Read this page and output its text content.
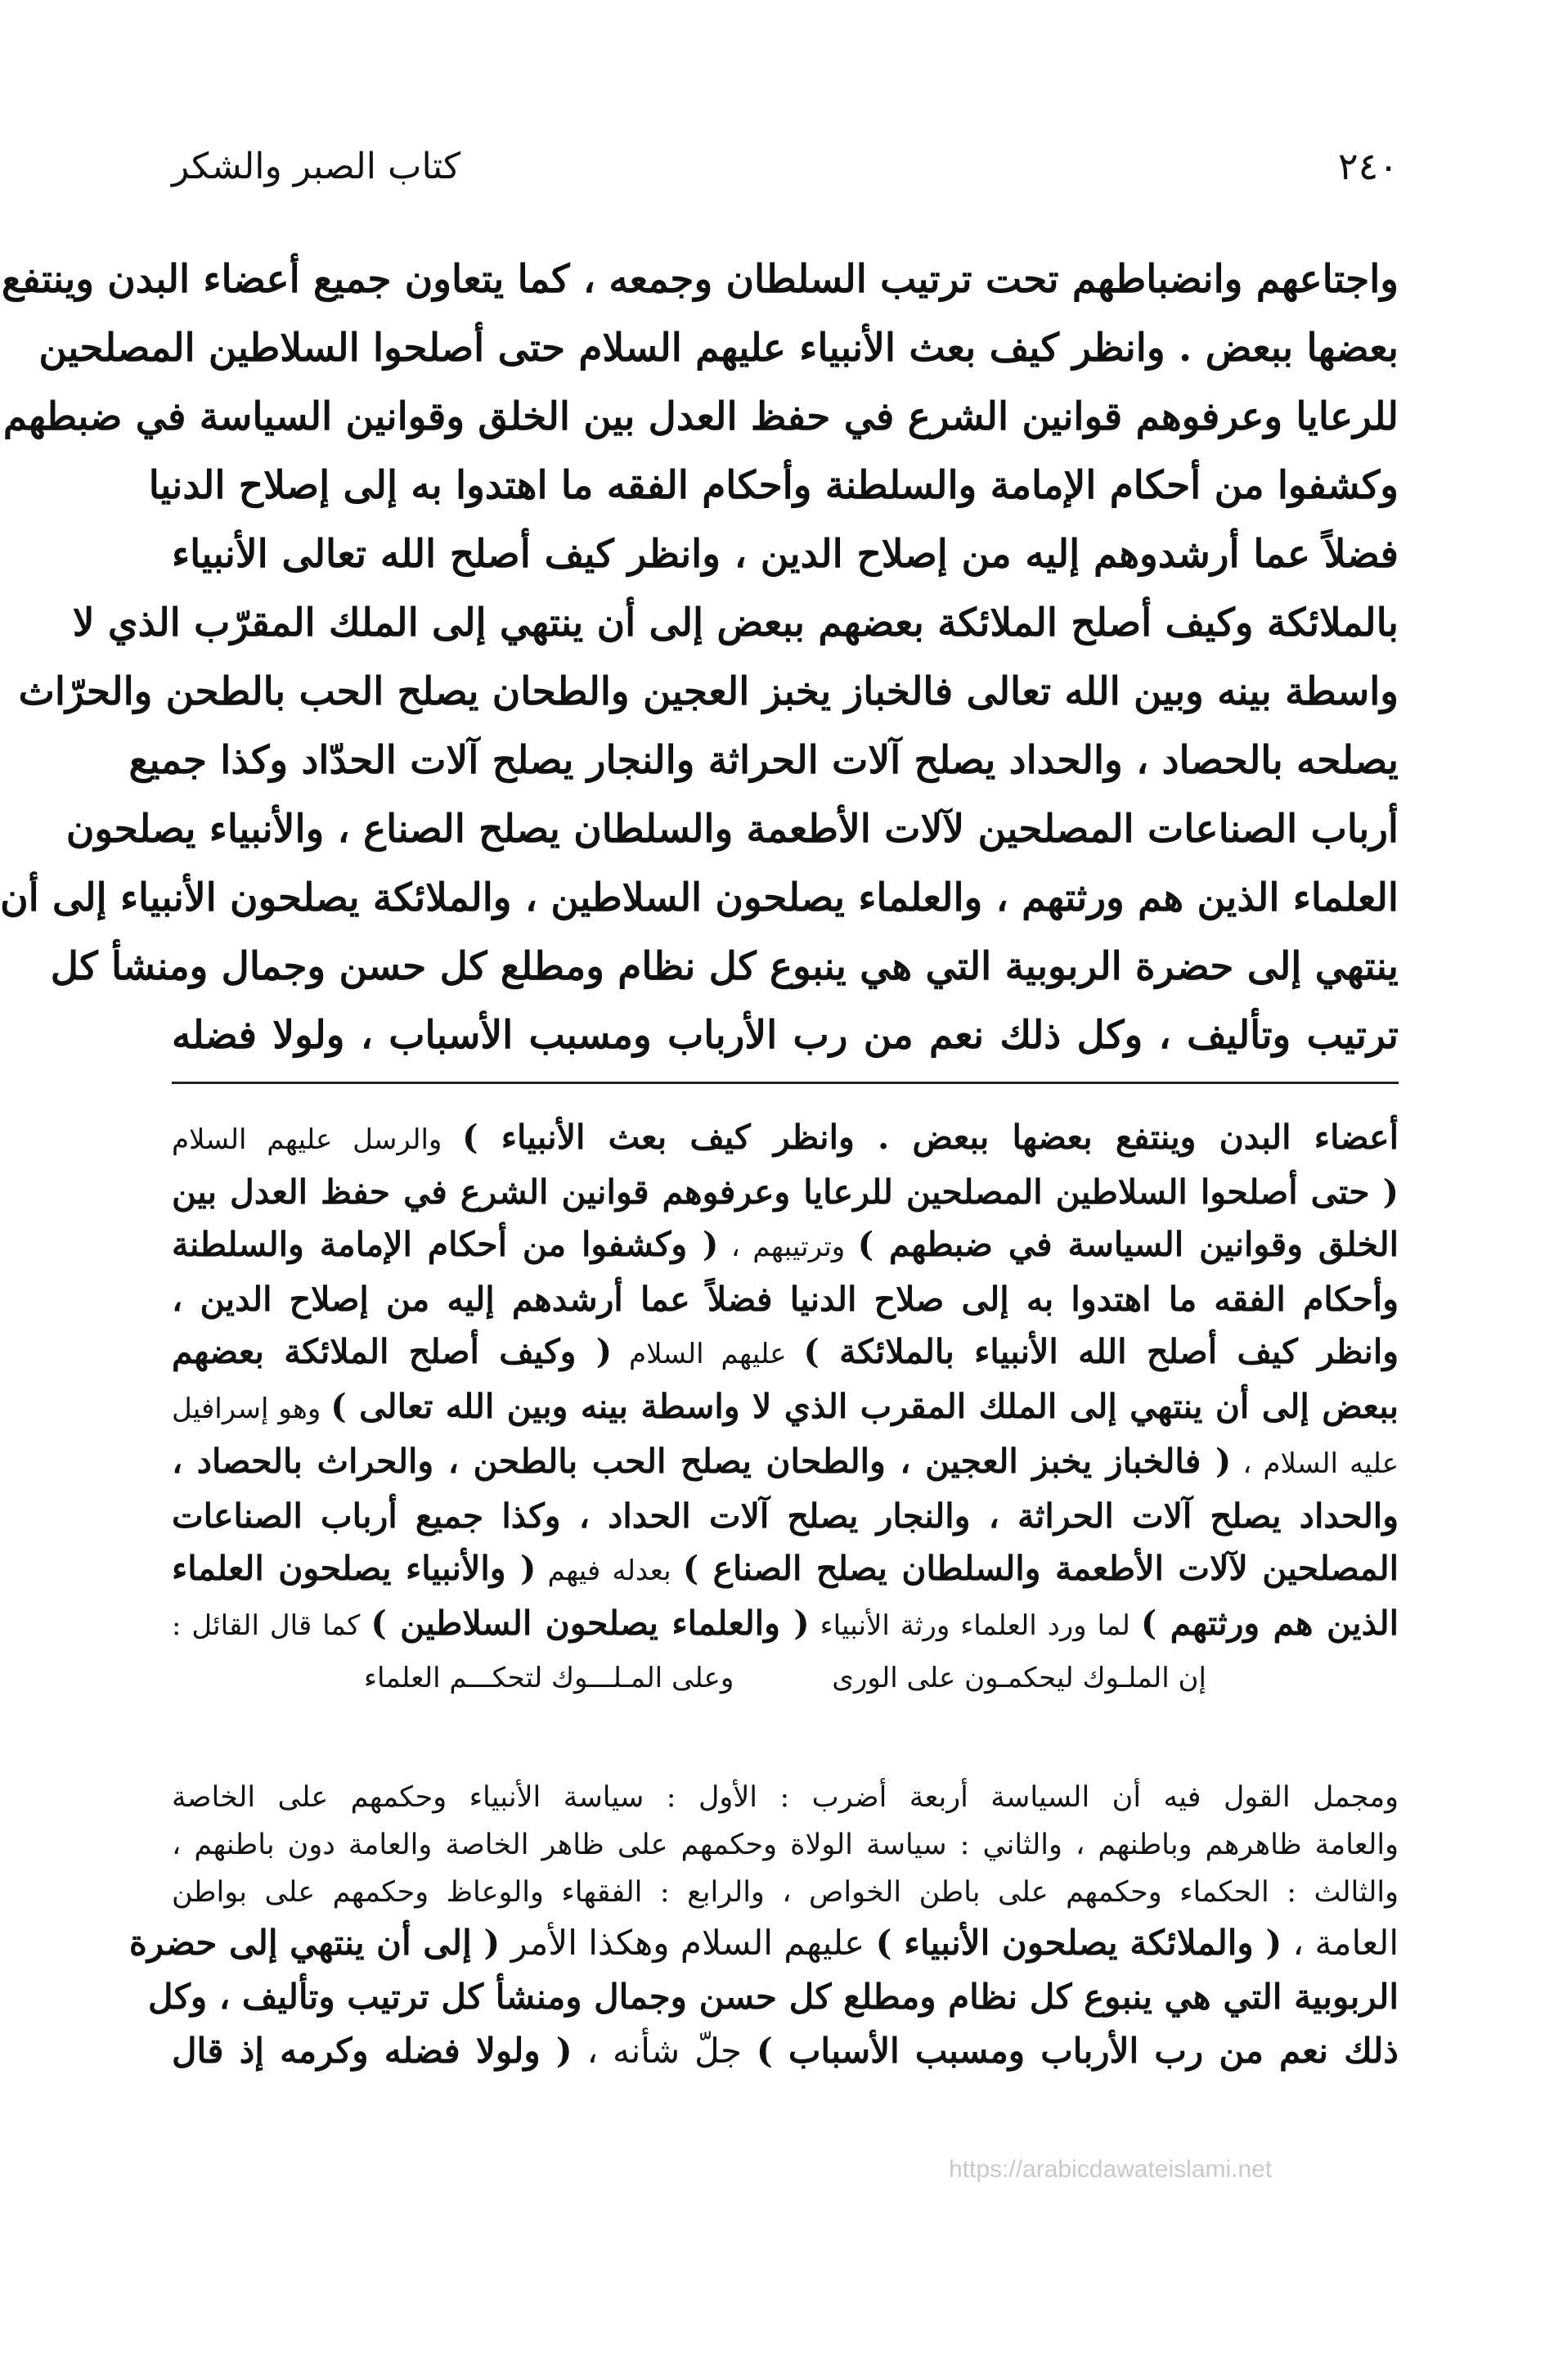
٢٤٠
كتاب الصبر والشكر

واجتاعهم وانضباطهم تحت ترتيب السلطان وجمعه ، كما يتعاون جميع أعضاء البدن وينتفع

بعضها ببعض . وانظر كيف بعث الأنبياء عليهم السلام حتى أصلحوا السلاطين المصلحين

للرعايا وعرفوهم قوانين الشرع في حفظ العدل بين الخلق وقوانين السياسة في ضبطهم

وكشفوا من أحكام الإمامة والسلطنة وأحكام الفقه ما اهتدوا به إلى إصلاح الدنيا

فضلاً عما أرشدوهم إليه من إصلاح الدين ، وانظر كيف أصلح الله تعالى الأنبياء

بالملائكة وكيف أصلح الملائكة بعضهم ببعض إلى أن ينتهي إلى الملك المقرّب الذي لا

واسطة بينه وبين الله تعالى فالخباز يخبز العجين والطحان يصلح الحب بالطحن والحرّاث

يصلحه بالحصاد ، والحداد يصلح آلات الحراثة والنجار يصلح آلات الحدّاد وكذا جميع

أرباب الصناعات المصلحين لآلات الأطعمة والسلطان يصلح الصناع ، والأنبياء يصلحون

العلماء الذين هم ورثتهم ، والعلماء يصلحون السلاطين ، والملائكة يصلحون الأنبياء إلى أن

ينتهي إلى حضرة الربوبية التي هي ينبوع كل نظام ومطلع كل حسن وجمال ومنشأ كل

ترتيب وتأليف ، وكل ذلك نعم من رب الأرباب ومسبب الأسباب ، ولولا فضله

أعضاء البدن وينتفع بعضها ببعض . وانظر كيف بعث الأنبياء ) والرسل عليهم السلام

( حتى أصلحوا السلاطين المصلحين للرعايا وعرفوهم قوانين الشرع في حفظ العدل بين

الخلق وقوانين السياسة في ضبطهم ) وترتيبهم ، ( وكشفوا من أحكام الإمامة والسلطنة

وأحكام الفقه ما اهتدوا به إلى صلاح الدنيا فضلاً عما أرشدهم إليه من إصلاح الدين ،

وانظر كيف أصلح الله الأنبياء بالملائكة ) عليهم السلام ( وكيف أصلح الملائكة بعضهم

ببعض إلى أن ينتهي إلى الملك المقرب الذي لا واسطة بينه وبين الله تعالى ) وهو إسرافيل

عليه السلام ، ( فالخباز يخبز العجين ، والطحان يصلح الحب بالطحن ، والحراث بالحصاد ،

والحداد يصلح آلات الحراثة ، والنجار يصلح آلات الحداد ، وكذا جميع أرباب الصناعات

المصلحين لآلات الأطعمة والسلطان يصلح الصناع ) بعدله فيهم ( والأنبياء يصلحون العلماء

الذين هم ورثتهم ) لما ورد العلماء ورثة الأنبياء ( والعلماء يصلحون السلاطين ) كما قال القائل :

إن الملـوك ليحكمـون على الورى
وعلى المـلـــوك لتحكـــم العلماء

ومجمل القول فيه أن السياسة أربعة أضرب : الأول : سياسة الأنبياء وحكمهم على الخاصة

والعامة ظاهرهم وباطنهم ، والثاني : سياسة الولاة وحكمهم على ظاهر الخاصة والعامة دون باطنهم ،

والثالث : الحكماء وحكمهم على باطن الخواص ، والرابع : الفقهاء والوعاظ وحكمهم على بواطن

العامة ، ( والملائكة يصلحون الأنبياء ) عليهم السلام وهكذا الأمر ( إلى أن ينتهي إلى حضرة

الربوبية التي هي ينبوع كل نظام ومطلع كل حسن وجمال ومنشأ كل ترتيب وتأليف ، وكل

ذلك نعم من رب الأرباب ومسبب الأسباب ) جلّ شأنه ، ( ولولا فضله وكرمه إذ قال

https://arabicdawateislami.net
